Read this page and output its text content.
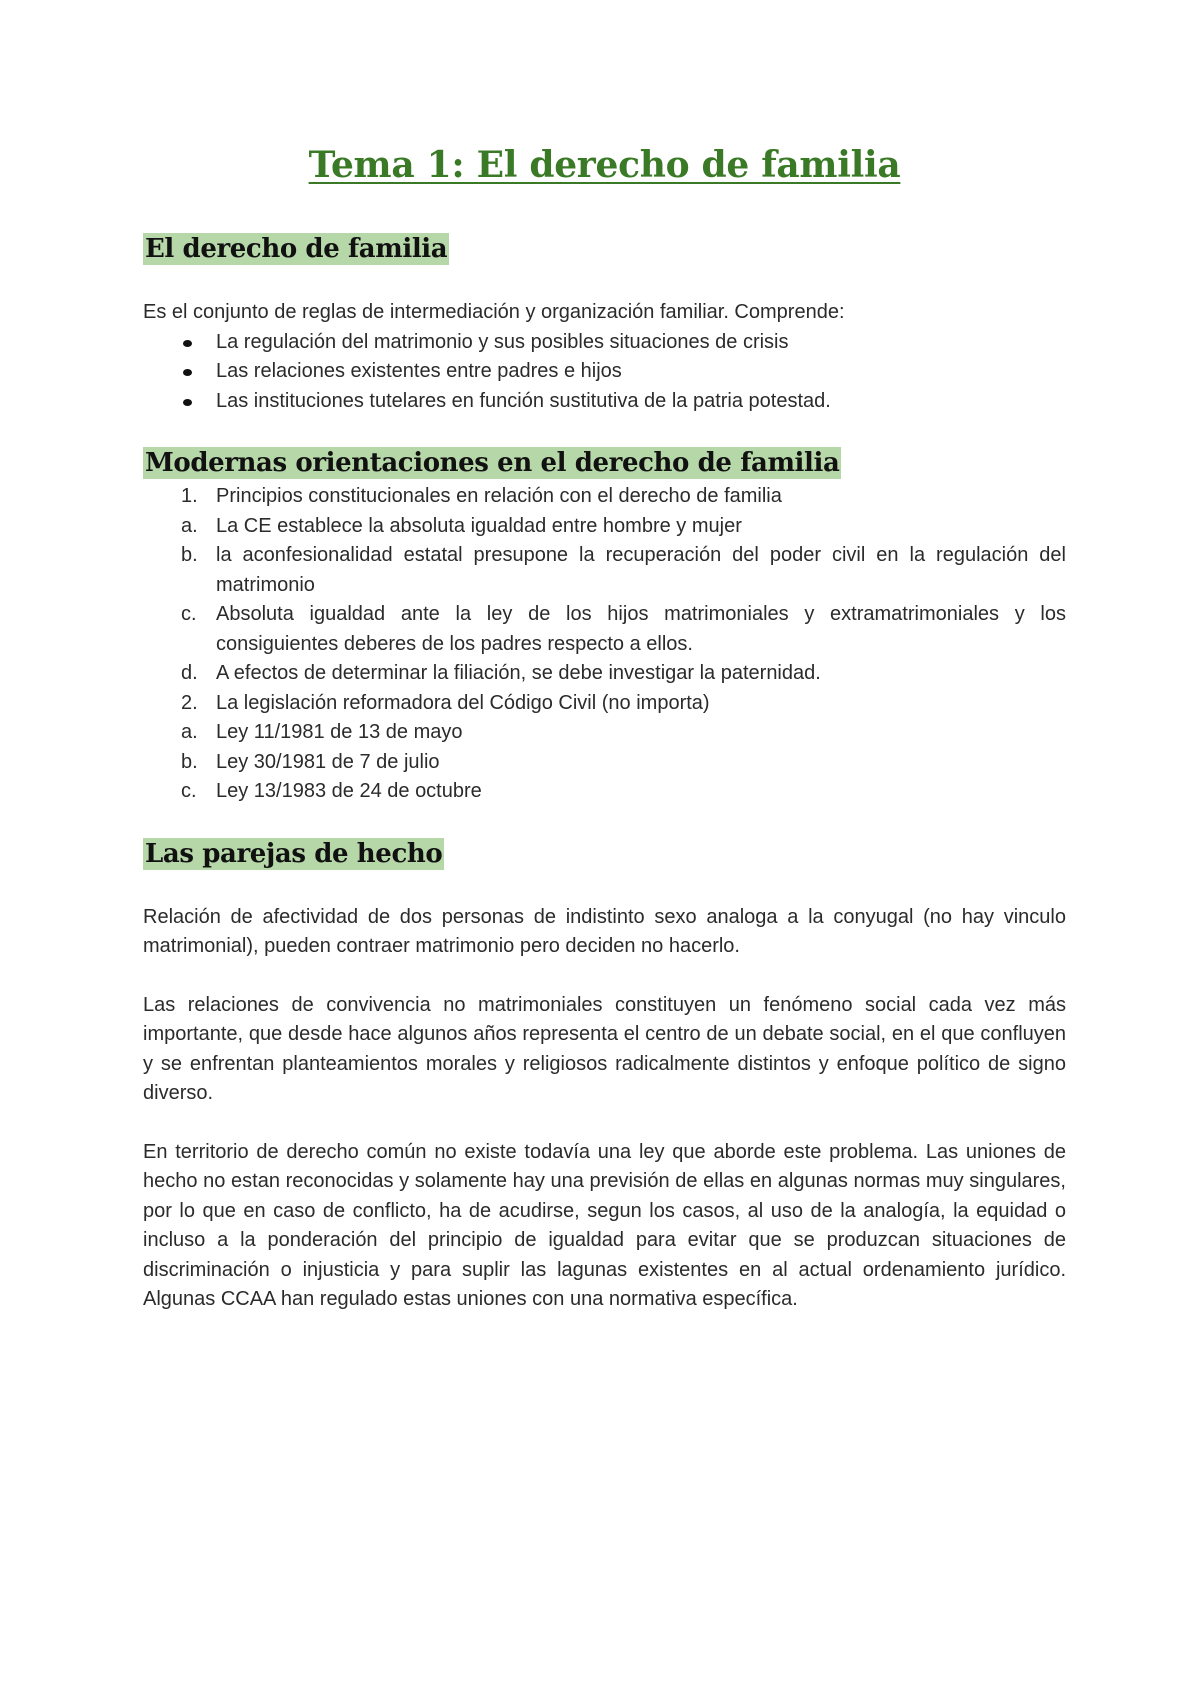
Tema 1: El derecho de familia
El derecho de familia

Es el conjunto de reglas de intermediación y organización familiar. Comprende:

La regulación del matrimonio y sus posibles situaciones de crisis
Las relaciones existentes entre padres e hijos
Las instituciones tutelares en función sustitutiva de la patria potestad.
Modernas orientaciones en el derecho de familia
1. Principios constitucionales en relación con el derecho de familia
a. La CE establece la absoluta igualdad entre hombre y mujer
b. la aconfesionalidad estatal presupone la recuperación del poder civil en la regulación del matrimonio
c. Absoluta igualdad ante la ley de los hijos matrimoniales y extramatrimoniales y los consiguientes deberes de los padres respecto a ellos.
d. A efectos de determinar la filiación, se debe investigar la paternidad.
2. La legislación reformadora del Código Civil (no importa)
a. Ley 11/1981 de 13 de mayo
b. Ley 30/1981 de 7 de julio
c. Ley 13/1983 de 24 de octubre
Las parejas de hecho

Relación de afectividad de dos personas de indistinto sexo analoga a la conyugal (no hay vinculo matrimonial), pueden contraer matrimonio pero deciden no hacerlo.

Las relaciones de convivencia no matrimoniales constituyen un fenómeno social cada vez más importante, que desde hace algunos años representa el centro de un debate social, en el que confluyen y se enfrentan planteamientos morales y religiosos radicalmente distintos y enfoque político de signo diverso.

En territorio de derecho común no existe todavía una ley que aborde este problema. Las uniones de hecho no estan reconocidas y solamente hay una previsión de ellas en algunas normas muy singulares, por lo que en caso de conflicto, ha de acudirse, segun los casos, al uso de la analogía, la equidad o incluso a la ponderación del principio de igualdad para evitar que se produzcan situaciones de discriminación o injusticia y para suplir las lagunas existentes en al actual ordenamiento jurídico. Algunas CCAA han regulado estas uniones con una normativa específica.
